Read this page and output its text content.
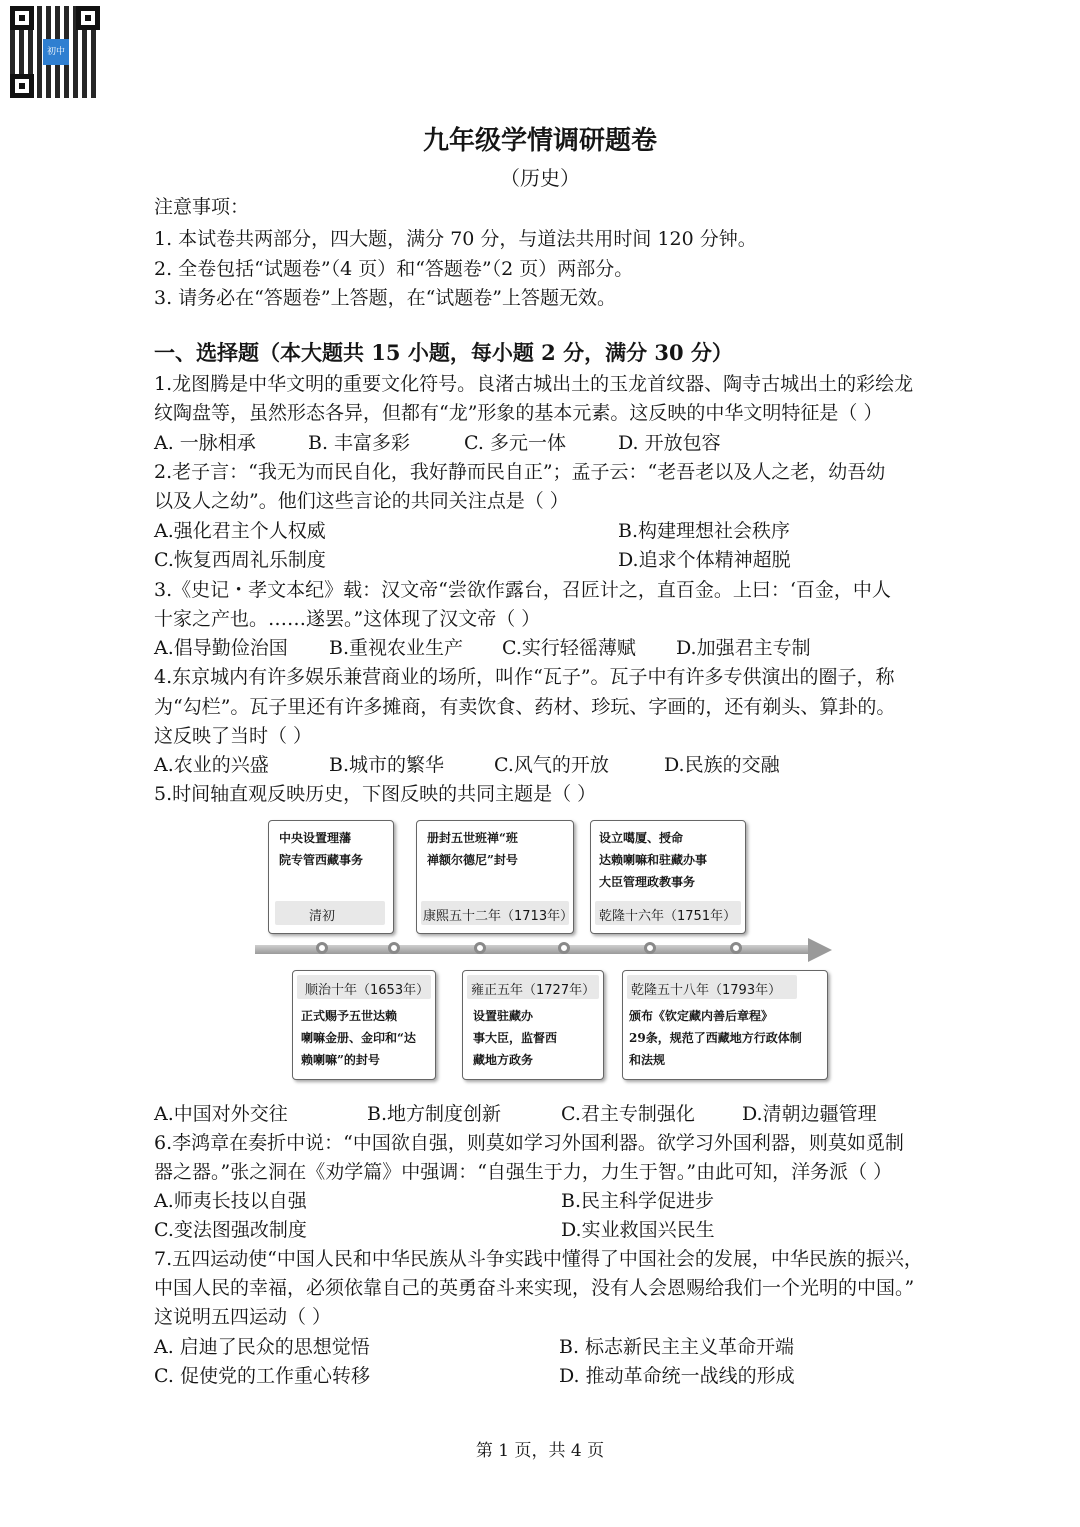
初中
九年级学情调研题卷
（历史）
注意事项：
1. 本试卷共两部分，四大题，满分 70 分，与道法共用时间 120 分钟。
2. 全卷包括“试题卷”（4 页）和“答题卷”（2 页）两部分。
3. 请务必在“答题卷”上答题，在“试题卷”上答题无效。
一、选择题（本大题共 15 小题，每小题 2 分，满分 30 分）
1.龙图腾是中华文明的重要文化符号。良渚古城出土的玉龙首纹器、陶寺古城出土的彩绘龙
纹陶盘等，虽然形态各异，但都有“龙”形象的基本元素。这反映的中华文明特征是（ ）
A. 一脉相承	B. 丰富多彩	C. 多元一体	D. 开放包容
2.老子言：“我无为而民自化，我好静而民自正”；孟子云：“老吾老以及人之老，幼吾幼
以及人之幼”。他们这些言论的共同关注点是（ ）
A.强化君主个人权威	B.构建理想社会秩序
C.恢复西周礼乐制度	D.追求个体精神超脱
3.《史记・孝文本纪》载：汉文帝“尝欲作露台，召匠计之，直百金。上曰：‘百金，中人
十家之产也。……遂罢。”这体现了汉文帝（ ）
A.倡导勤俭治国 B.重视农业生产 C.实行轻徭薄赋 D.加强君主专制
4.东京城内有许多娱乐兼营商业的场所，叫作“瓦子”。瓦子中有许多专供演出的圈子，称
为“勾栏”。瓦子里还有许多摊商，有卖饮食、药材、珍玩、字画的，还有剃头、算卦的。
这反映了当时（ ）
A.农业的兴盛	B.城市的繁华	C.风气的开放	D.民族的交融
5.时间轴直观反映历史，下图反映的共同主题是（ ）
中央设置理藩
院专管西藏事务
清初
册封五世班禅“班
禅额尔德尼”封号
康熙五十二年（1713年）
设立噶厦、授命
达赖喇嘛和驻藏办事
大臣管理政教事务
乾隆十六年（1751年）
顺治十年（1653年）
正式赐予五世达赖
喇嘛金册、金印和“达
赖喇嘛”的封号
雍正五年（1727年）
设置驻藏办
事大臣，监督西
藏地方政务
乾隆五十八年（1793年）
颁布《钦定藏内善后章程》
29条，规范了西藏地方行政体制
和法规
A.中国对外交往	B.地方制度创新	C.君主专制强化 D.清朝边疆管理
6.李鸿章在奏折中说：“中国欲自强，则莫如学习外国利器。欲学习外国利器，则莫如觅制
器之器。”张之洞在《劝学篇》中强调：“自强生于力，力生于智。”由此可知，洋务派（ ）
A.师夷长技以自强	B.民主科学促进步
C.变法图强改制度	D.实业救国兴民生
7.五四运动使“中国人民和中华民族从斗争实践中懂得了中国社会的发展，中华民族的振兴，
中国人民的幸福，必须依靠自己的英勇奋斗来实现，没有人会恩赐给我们一个光明的中国。”
这说明五四运动（ ）
A. 启迪了民众的思想觉悟	B. 标志新民主主义革命开端
C. 促使党的工作重心转移	D. 推动革命统一战线的形成
第 1 页，共 4 页
